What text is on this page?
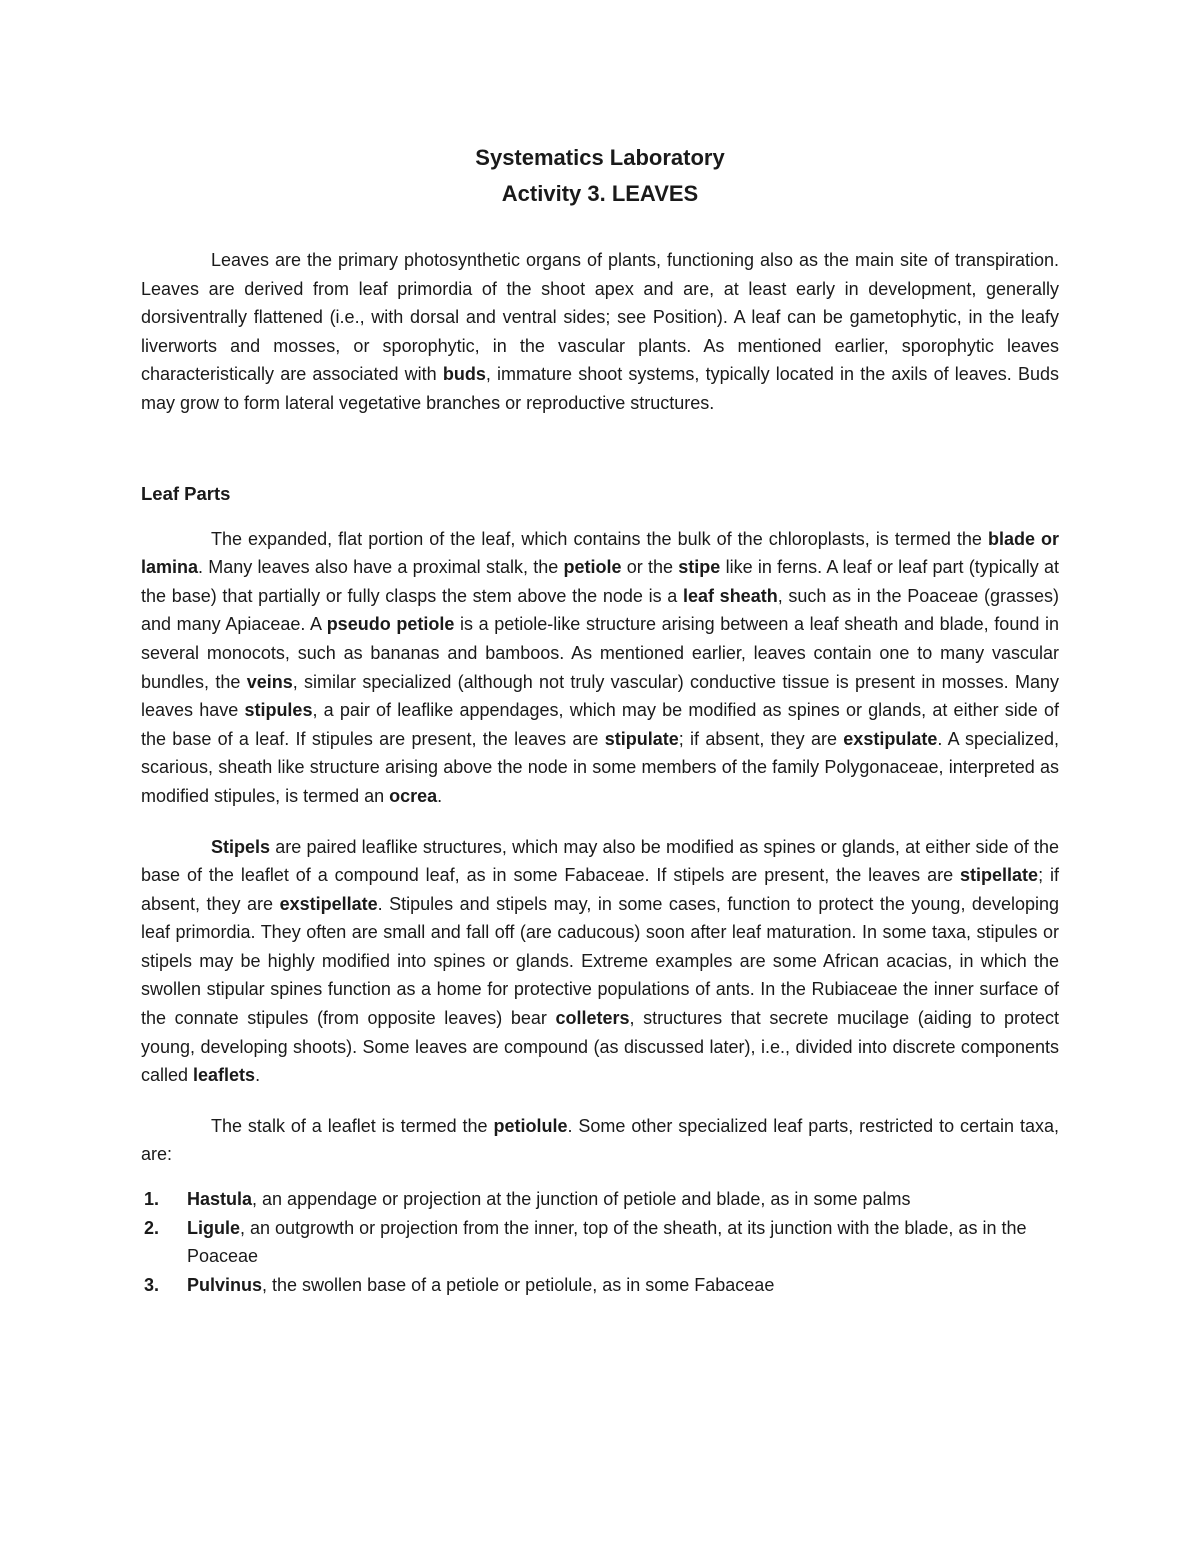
Systematics Laboratory
Activity 3. LEAVES

Leaves are the primary photosynthetic organs of plants, functioning also as the main site of transpiration. Leaves are derived from leaf primordia of the shoot apex and are, at least early in development, generally dorsiventrally flattened (i.e., with dorsal and ventral sides; see Position). A leaf can be gametophytic, in the leafy liverworts and mosses, or sporophytic, in the vascular plants. As mentioned earlier, sporophytic leaves characteristically are associated with buds, immature shoot systems, typically located in the axils of leaves. Buds may grow to form lateral vegetative branches or reproductive structures.

Leaf Parts

The expanded, flat portion of the leaf, which contains the bulk of the chloroplasts, is termed the blade or lamina. Many leaves also have a proximal stalk, the petiole or the stipe like in ferns. A leaf or leaf part (typically at the base) that partially or fully clasps the stem above the node is a leaf sheath, such as in the Poaceae (grasses) and many Apiaceae. A pseudo petiole is a petiole-like structure arising between a leaf sheath and blade, found in several monocots, such as bananas and bamboos. As mentioned earlier, leaves contain one to many vascular bundles, the veins, similar specialized (although not truly vascular) conductive tissue is present in mosses. Many leaves have stipules, a pair of leaflike appendages, which may be modified as spines or glands, at either side of the base of a leaf. If stipules are present, the leaves are stipulate; if absent, they are exstipulate. A specialized, scarious, sheath like structure arising above the node in some members of the family Polygonaceae, interpreted as modified stipules, is termed an ocrea.

Stipels are paired leaflike structures, which may also be modified as spines or glands, at either side of the base of the leaflet of a compound leaf, as in some Fabaceae. If stipels are present, the leaves are stipellate; if absent, they are exstipellate. Stipules and stipels may, in some cases, function to protect the young, developing leaf primordia. They often are small and fall off (are caducous) soon after leaf maturation. In some taxa, stipules or stipels may be highly modified into spines or glands. Extreme examples are some African acacias, in which the swollen stipular spines function as a home for protective populations of ants. In the Rubiaceae the inner surface of the connate stipules (from opposite leaves) bear colleters, structures that secrete mucilage (aiding to protect young, developing shoots). Some leaves are compound (as discussed later), i.e., divided into discrete components called leaflets.

The stalk of a leaflet is termed the petiolule. Some other specialized leaf parts, restricted to certain taxa, are:

1. Hastula, an appendage or projection at the junction of petiole and blade, as in some palms
2. Ligule, an outgrowth or projection from the inner, top of the sheath, at its junction with the blade, as in the Poaceae
3. Pulvinus, the swollen base of a petiole or petiolule, as in some Fabaceae
